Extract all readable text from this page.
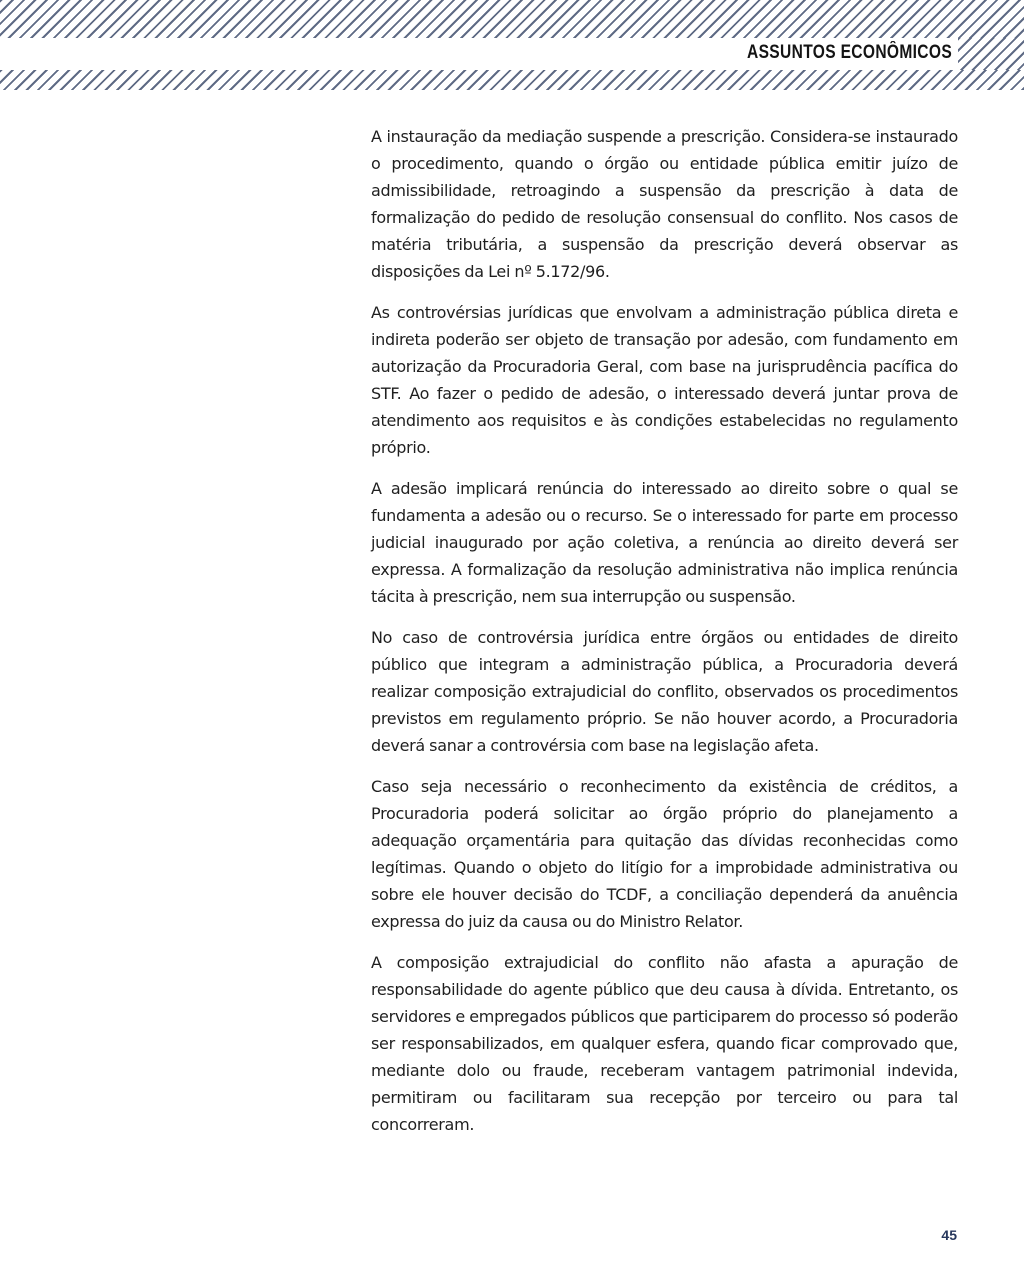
ASSUNTOS ECONÔMICOS

A instauração da mediação suspende a prescrição. Considera-se instaurado o procedimento, quando o órgão ou entidade pública emitir juízo de admissibilidade, retroagindo a suspensão da prescrição à data de formalização do pedido de resolução consensual do conflito. Nos casos de matéria tributária, a suspensão da prescrição deverá observar as disposições da Lei nº 5.172/96.

As controvérsias jurídicas que envolvam a administração pública direta e indireta poderão ser objeto de transação por adesão, com fundamento em autorização da Procuradoria Geral, com base na jurisprudência pacífica do STF. Ao fazer o pedido de adesão, o interessado deverá juntar prova de atendimento aos requisitos e às condições estabelecidas no regulamento próprio.

A adesão implicará renúncia do interessado ao direito sobre o qual se fundamenta a adesão ou o recurso. Se o interessado for parte em processo judicial inaugurado por ação coletiva, a renúncia ao direito deverá ser expressa. A formalização da resolução administrativa não implica renúncia tácita à prescrição, nem sua interrupção ou suspensão.

No caso de controvérsia jurídica entre órgãos ou entidades de direito público que integram a administração pública, a Procuradoria deverá realizar composição extrajudicial do conflito, observados os procedimentos previstos em regulamento próprio. Se não houver acordo, a Procuradoria deverá sanar a controvérsia com base na legislação afeta.

Caso seja necessário o reconhecimento da existência de créditos, a Procuradoria poderá solicitar ao órgão próprio do planejamento a adequação orçamentária para quitação das dívidas reconhecidas como legítimas. Quando o objeto do litígio for a improbidade administrativa ou sobre ele houver decisão do TCDF, a conciliação dependerá da anuência expressa do juiz da causa ou do Ministro Relator.

A composição extrajudicial do conflito não afasta a apuração de responsabilidade do agente público que deu causa à dívida. Entretanto, os servidores e empregados públicos que participarem do processo só poderão ser responsabilizados, em qualquer esfera, quando ficar comprovado que, mediante dolo ou fraude, receberam vantagem patrimonial indevida, permitiram ou facilitaram sua recepção por terceiro ou para tal concorreram.

45
